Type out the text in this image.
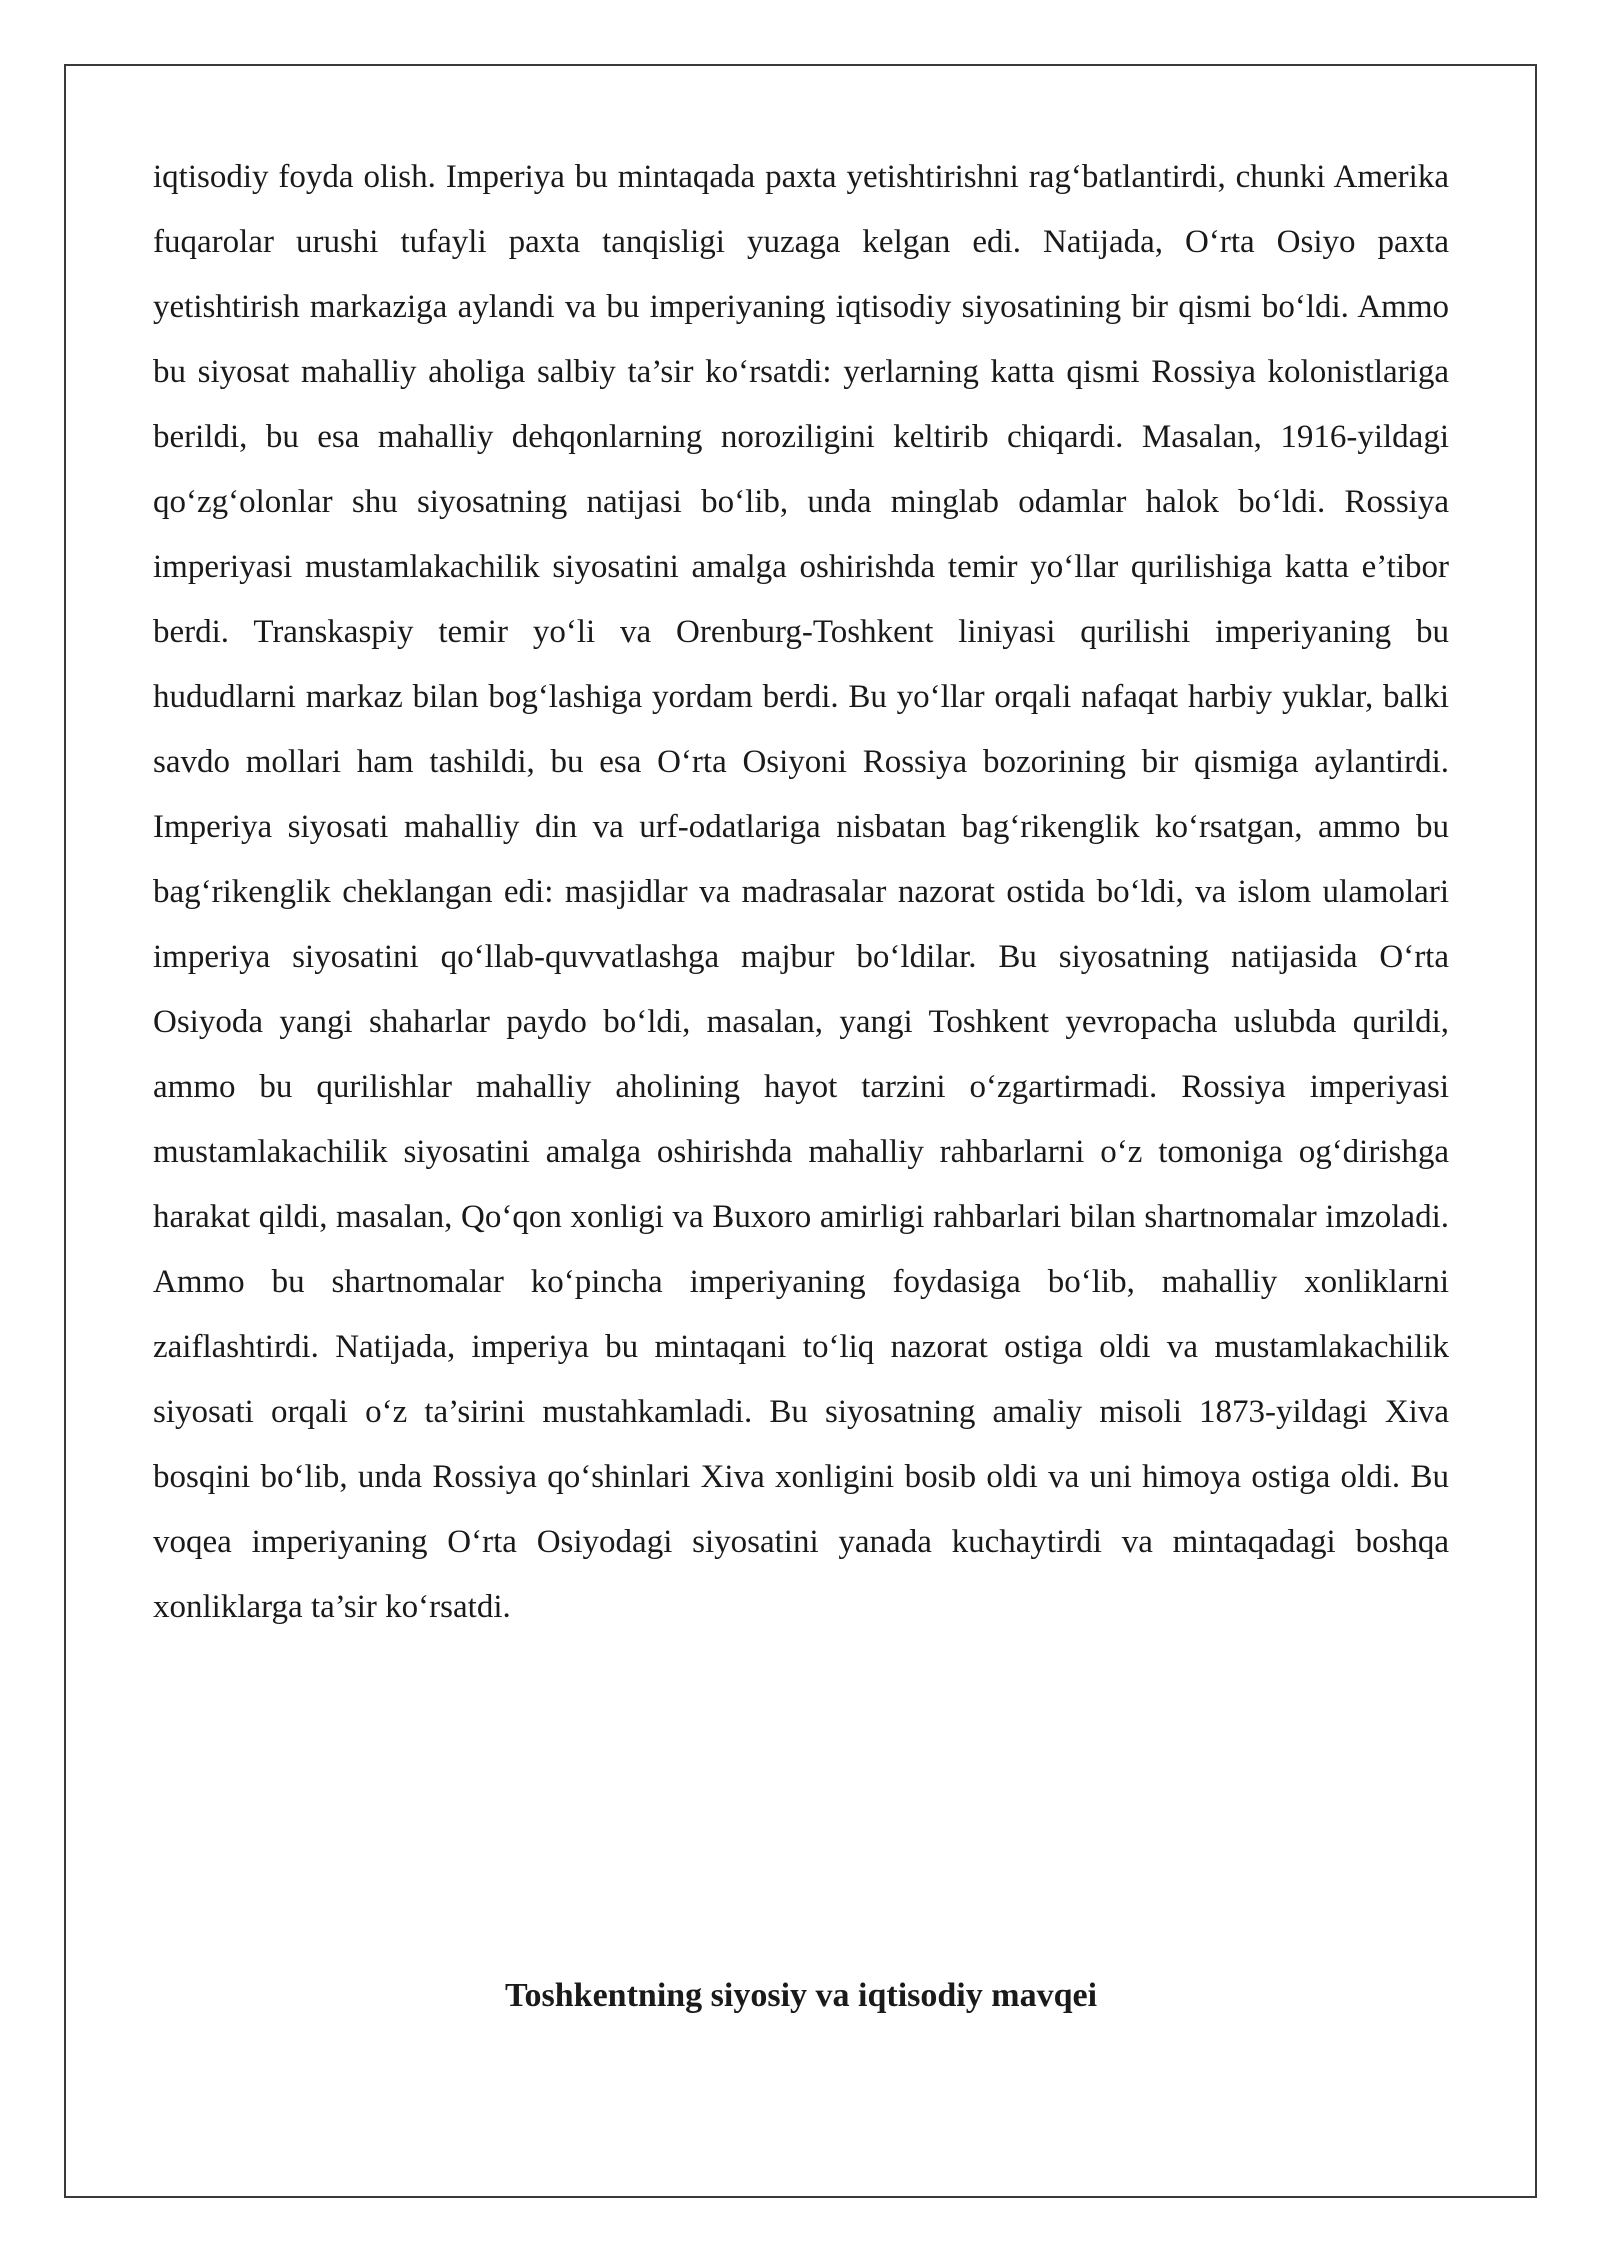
iqtisodiy foyda olish. Imperiya bu mintaqada paxta yetishtirishni rag‘batlantirdi, chunki Amerika fuqarolar urushi tufayli paxta tanqisligi yuzaga kelgan edi. Natijada, O‘rta Osiyo paxta yetishtirish markaziga aylandi va bu imperiyaning iqtisodiy siyosatining bir qismi bo‘ldi. Ammo bu siyosat mahalliy aholiga salbiy ta’sir ko‘rsatdi: yerlarning katta qismi Rossiya kolonistlariga berildi, bu esa mahalliy dehqonlarning noroziligini keltirib chiqardi. Masalan, 1916-yildagi qo‘zg‘olonlar shu siyosatning natijasi bo‘lib, unda minglab odamlar halok bo‘ldi. Rossiya imperiyasi mustamlakachilik siyosatini amalga oshirishda temir yo‘llar qurilishiga katta e’tibor berdi. Transkaspiy temir yo‘li va Orenburg-Toshkent liniyasi qurilishi imperiyaning bu hududlarni markaz bilan bog‘lashiga yordam berdi. Bu yo‘llar orqali nafaqat harbiy yuklar, balki savdo mollari ham tashildi, bu esa O‘rta Osiyoni Rossiya bozorining bir qismiga aylantirdi. Imperiya siyosati mahalliy din va urf-odatlariga nisbatan bag‘rikenglik ko‘rsatgan, ammo bu bag‘rikenglik cheklangan edi: masjidlar va madrasalar nazorat ostida bo‘ldi, va islom ulamolari imperiya siyosatini qo‘llab-quvvatlashga majbur bo‘ldilar. Bu siyosatning natijasida O‘rta Osiyoda yangi shaharlar paydo bo‘ldi, masalan, yangi Toshkent yevropacha uslubda qurildi, ammo bu qurilishlar mahalliy aholining hayot tarzini o‘zgartirmadi. Rossiya imperiyasi mustamlakachilik siyosatini amalga oshirishda mahalliy rahbarlarni o‘z tomoniga og‘dirishga harakat qildi, masalan, Qo‘qon xonligi va Buxoro amirligi rahbarlari bilan shartnomalar imzoladi. Ammo bu shartnomalar ko‘pincha imperiyaning foydasiga bo‘lib, mahalliy xonliklarni zaiflashtirdi. Natijada, imperiya bu mintaqani to‘liq nazorat ostiga oldi va mustamlakachilik siyosati orqali o‘z ta’sirini mustahkamladi. Bu siyosatning amaliy misoli 1873-yildagi Xiva bosqini bo‘lib, unda Rossiya qo‘shinlari Xiva xonligini bosib oldi va uni himoya ostiga oldi. Bu voqea imperiyaning O‘rta Osiyodagi siyosatini yanada kuchaytirdi va mintaqadagi boshqa xonliklarga ta’sir ko‘rsatdi.

Toshkentning siyosiy va iqtisodiy mavqei
